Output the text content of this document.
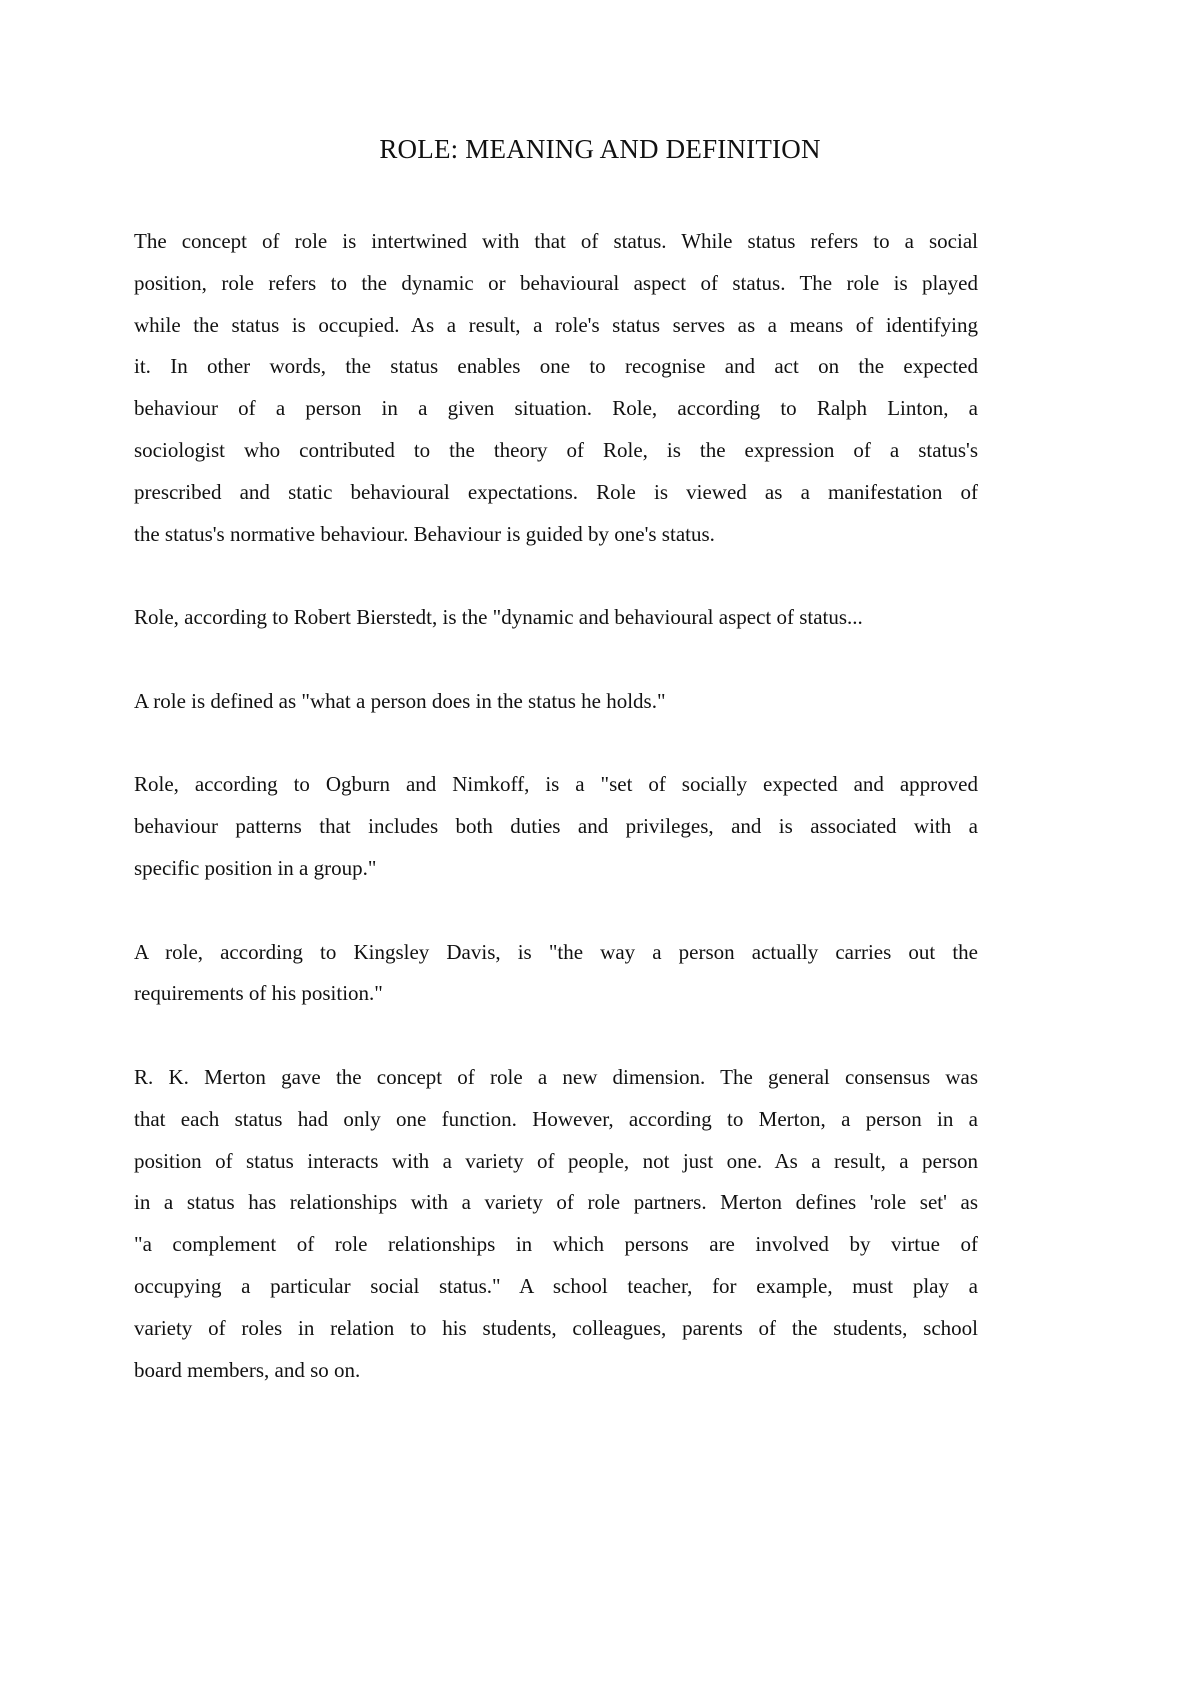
ROLE: MEANING AND DEFINITION
The concept of role is intertwined with that of status. While status refers to a social
position, role refers to the dynamic or behavioural aspect of status. The role is played
while the status is occupied. As a result, a role's status serves as a means of identifying
it. In other words, the status enables one to recognise and act on the expected
behaviour of a person in a given situation. Role, according to Ralph Linton, a
sociologist who contributed to the theory of Role, is the expression of a status's
prescribed and static behavioural expectations. Role is viewed as a manifestation of
the status's normative behaviour. Behaviour is guided by one's status.
Role, according to Robert Bierstedt, is the "dynamic and behavioural aspect of status...
A role is defined as "what a person does in the status he holds."
Role, according to Ogburn and Nimkoff, is a "set of socially expected and approved
behaviour patterns that includes both duties and privileges, and is associated with a
specific position in a group."
A role, according to Kingsley Davis, is "the way a person actually carries out the
requirements of his position."
R. K. Merton gave the concept of role a new dimension. The general consensus was
that each status had only one function. However, according to Merton, a person in a
position of status interacts with a variety of people, not just one. As a result, a person
in a status has relationships with a variety of role partners. Merton defines 'role set' as
"a complement of role relationships in which persons are involved by virtue of
occupying a particular social status." A school teacher, for example, must play a
variety of roles in relation to his students, colleagues, parents of the students, school
board members, and so on.
